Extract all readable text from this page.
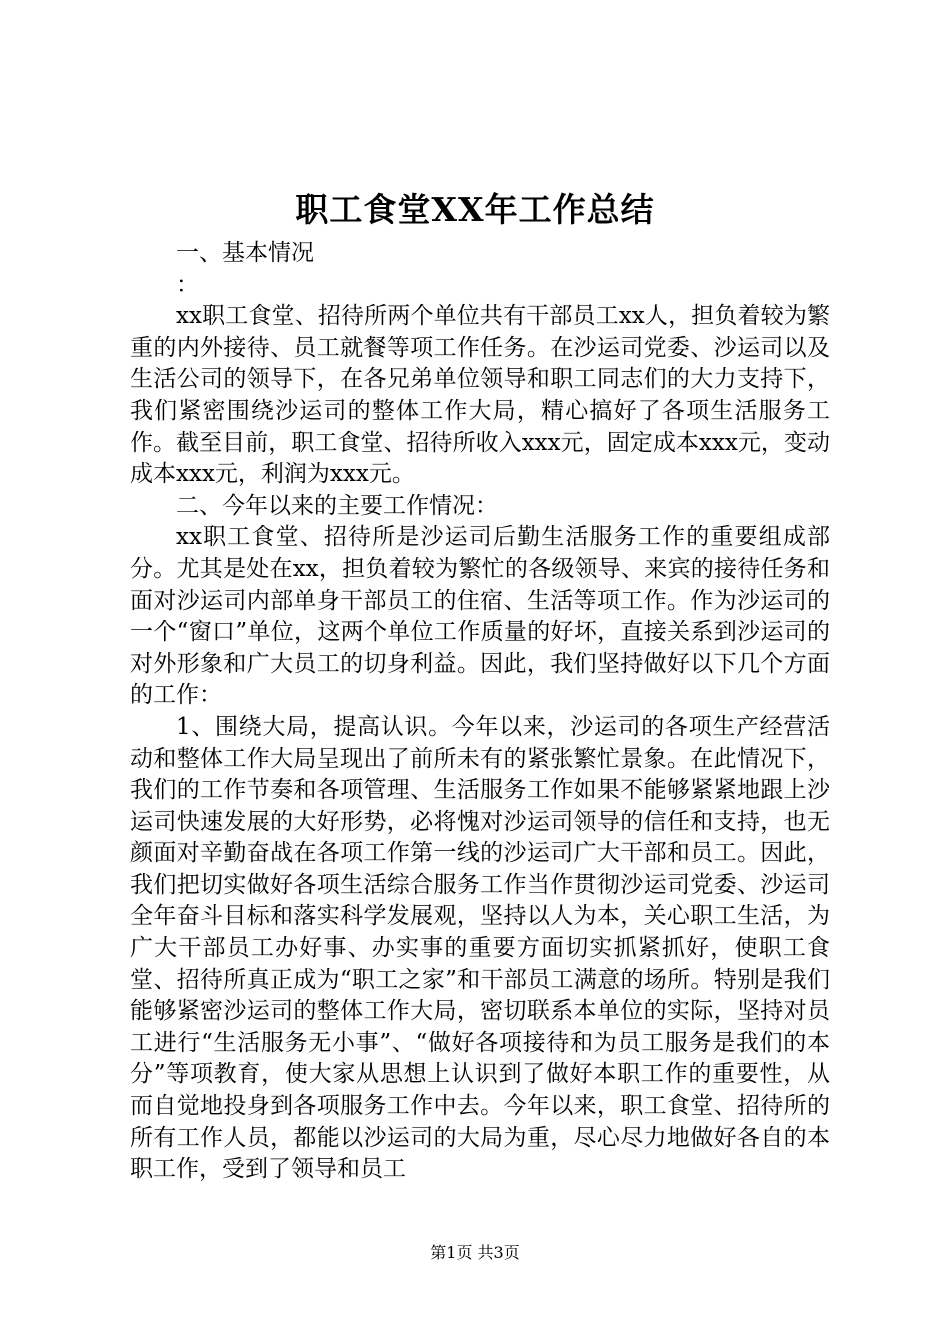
职工食堂XX年工作总结

一、基本情况

：

xx职工食堂、招待所两个单位共有干部员工xx人，担负着较为繁重的内外接待、员工就餐等项工作任务。在沙运司党委、沙运司以及生活公司的领导下，在各兄弟单位领导和职工同志们的大力支持下，我们紧密围绕沙运司的整体工作大局，精心搞好了各项生活服务工作。截至目前，职工食堂、招待所收入xxx元，固定成本xxx元，变动成本xxx元，利润为xxx元。

二、今年以来的主要工作情况：

xx职工食堂、招待所是沙运司后勤生活服务工作的重要组成部分。尤其是处在xx，担负着较为繁忙的各级领导、来宾的接待任务和面对沙运司内部单身干部员工的住宿、生活等项工作。作为沙运司的一个“窗口”单位，这两个单位工作质量的好坏，直接关系到沙运司的对外形象和广大员工的切身利益。因此，我们坚持做好以下几个方面的工作：

1、围绕大局，提高认识。今年以来，沙运司的各项生产经营活动和整体工作大局呈现出了前所未有的紧张繁忙景象。在此情况下，我们的工作节奏和各项管理、生活服务工作如果不能够紧紧地跟上沙运司快速发展的大好形势，必将愧对沙运司领导的信任和支持，也无颜面对辛勤奋战在各项工作第一线的沙运司广大干部和员工。因此，我们把切实做好各项生活综合服务工作当作贯彻沙运司党委、沙运司全年奋斗目标和落实科学发展观，坚持以人为本，关心职工生活，为广大干部员工办好事、办实事的重要方面切实抓紧抓好，使职工食堂、招待所真正成为“职工之家”和干部员工满意的场所。特别是我们能够紧密沙运司的整体工作大局，密切联系本单位的实际，坚持对员工进行“生活服务无小事”、“做好各项接待和为员工服务是我们的本分”等项教育，使大家从思想上认识到了做好本职工作的重要性，从而自觉地投身到各项服务工作中去。今年以来，职工食堂、招待所的所有工作人员，都能以沙运司的大局为重，尽心尽力地做好各自的本职工作，受到了领导和员工

第1页 共3页
